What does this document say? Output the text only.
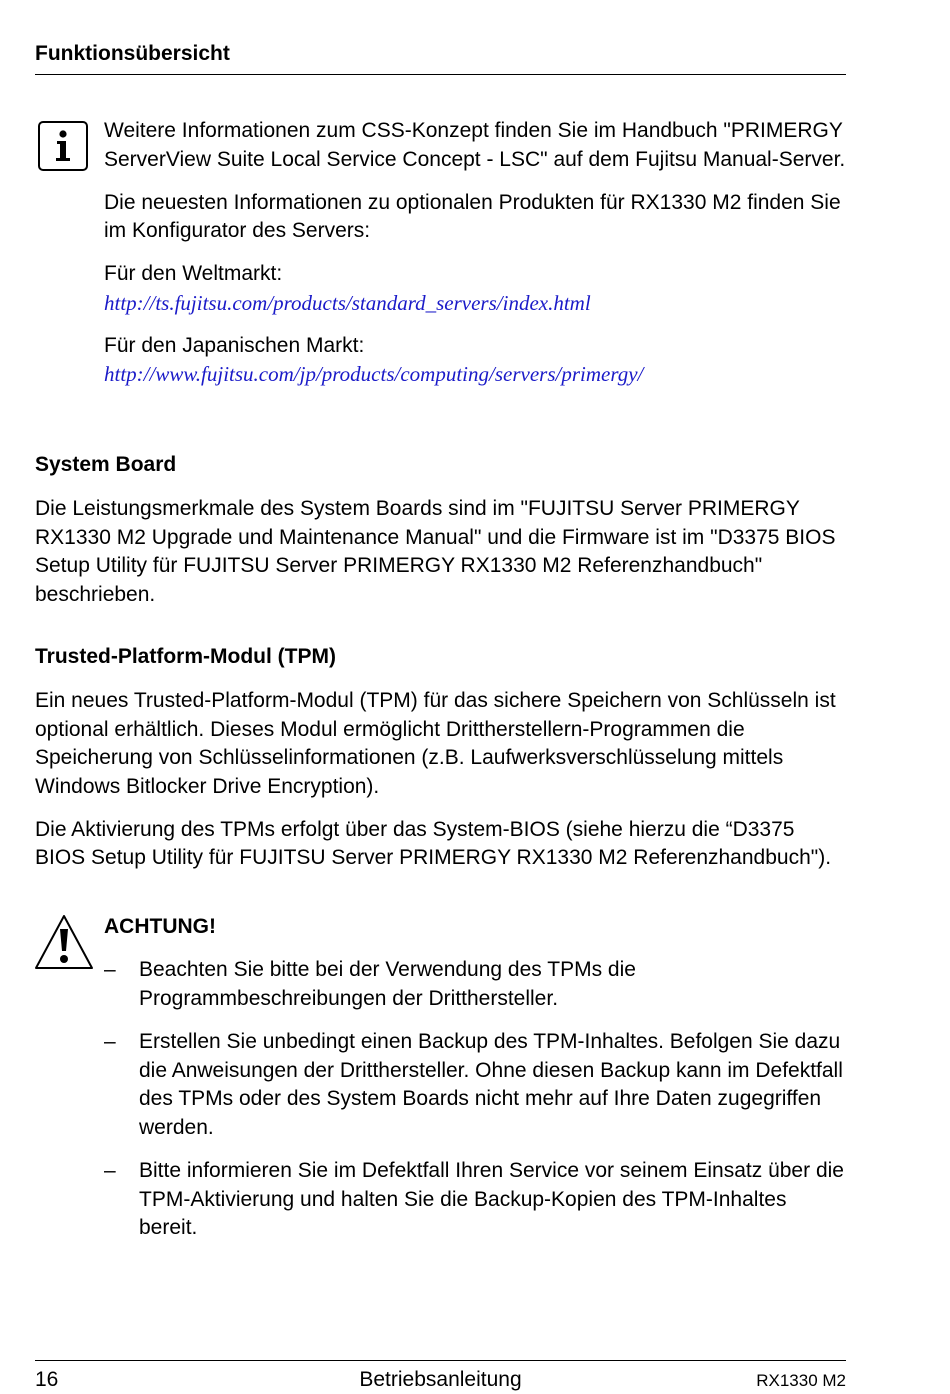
Funktionsübersicht

Weitere Informationen zum CSS-Konzept finden Sie im Handbuch "PRIMERGY ServerView Suite Local Service Concept - LSC" auf dem Fujitsu Manual-Server.

Die neuesten Informationen zu optionalen Produkten für RX1330 M2 finden Sie im Konfigurator des Servers:

Für den Weltmarkt:
http://ts.fujitsu.com/products/standard_servers/index.html

Für den Japanischen Markt:
http://www.fujitsu.com/jp/products/computing/servers/primergy/

System Board

Die Leistungsmerkmale des System Boards sind im "FUJITSU Server PRIMERGY RX1330 M2 Upgrade und Maintenance Manual" und die Firmware ist im "D3375 BIOS Setup Utility für FUJITSU Server PRIMERGY RX1330 M2 Referenzhandbuch" beschrieben.

Trusted-Platform-Modul (TPM)

Ein neues Trusted-Platform-Modul (TPM) für das sichere Speichern von Schlüsseln ist optional erhältlich. Dieses Modul ermöglicht Drittherstellern-Programmen die Speicherung von Schlüsselinformationen (z.B. Laufwerksverschlüsselung mittels Windows Bitlocker Drive Encryption).

Die Aktivierung des TPMs erfolgt über das System-BIOS (siehe hierzu die “D3375 BIOS Setup Utility für FUJITSU Server PRIMERGY RX1330 M2 Referenzhandbuch").

ACHTUNG!
– Beachten Sie bitte bei der Verwendung des TPMs die Programmbeschreibungen der Dritthersteller.
– Erstellen Sie unbedingt einen Backup des TPM-Inhaltes. Befolgen Sie dazu die Anweisungen der Dritthersteller. Ohne diesen Backup kann im Defektfall des TPMs oder des System Boards nicht mehr auf Ihre Daten zugegriffen werden.
– Bitte informieren Sie im Defektfall Ihren Service vor seinem Einsatz über die TPM-Aktivierung und halten Sie die Backup-Kopien des TPM-Inhaltes bereit.
16	Betriebsanleitung	RX1330 M2
